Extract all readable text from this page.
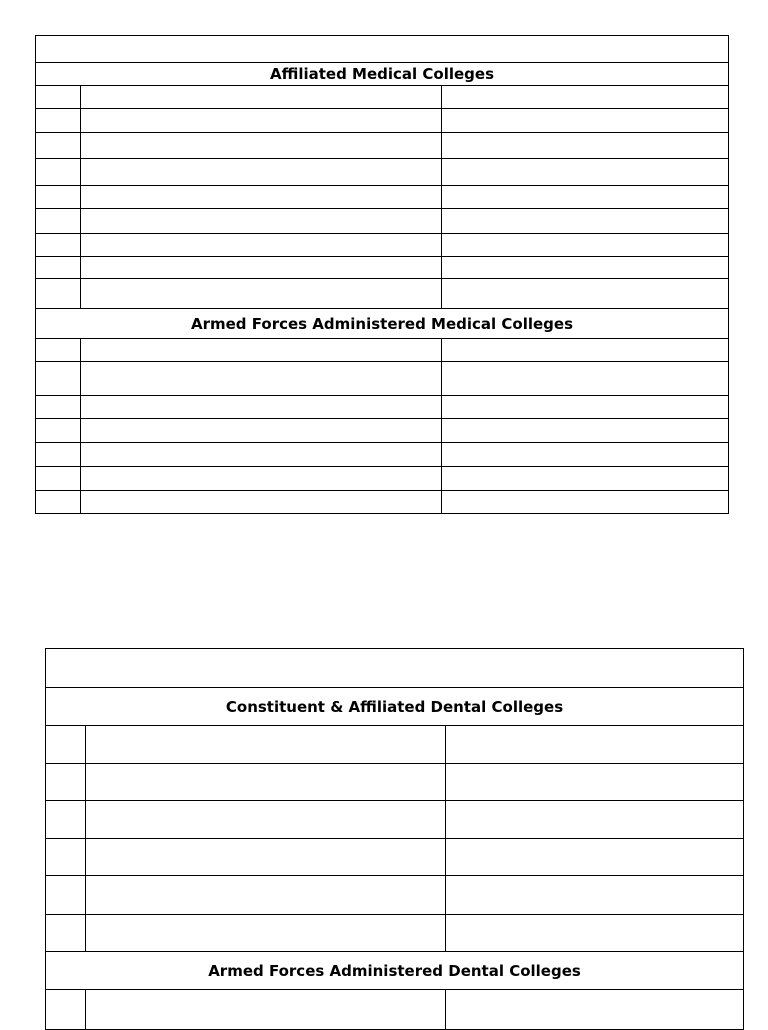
Affiliated Medical Colleges		

Armed Forces Administered Medical Colleges		

Constituent & Affiliated Dental Colleges		

Armed Forces Administered Dental Colleges		
